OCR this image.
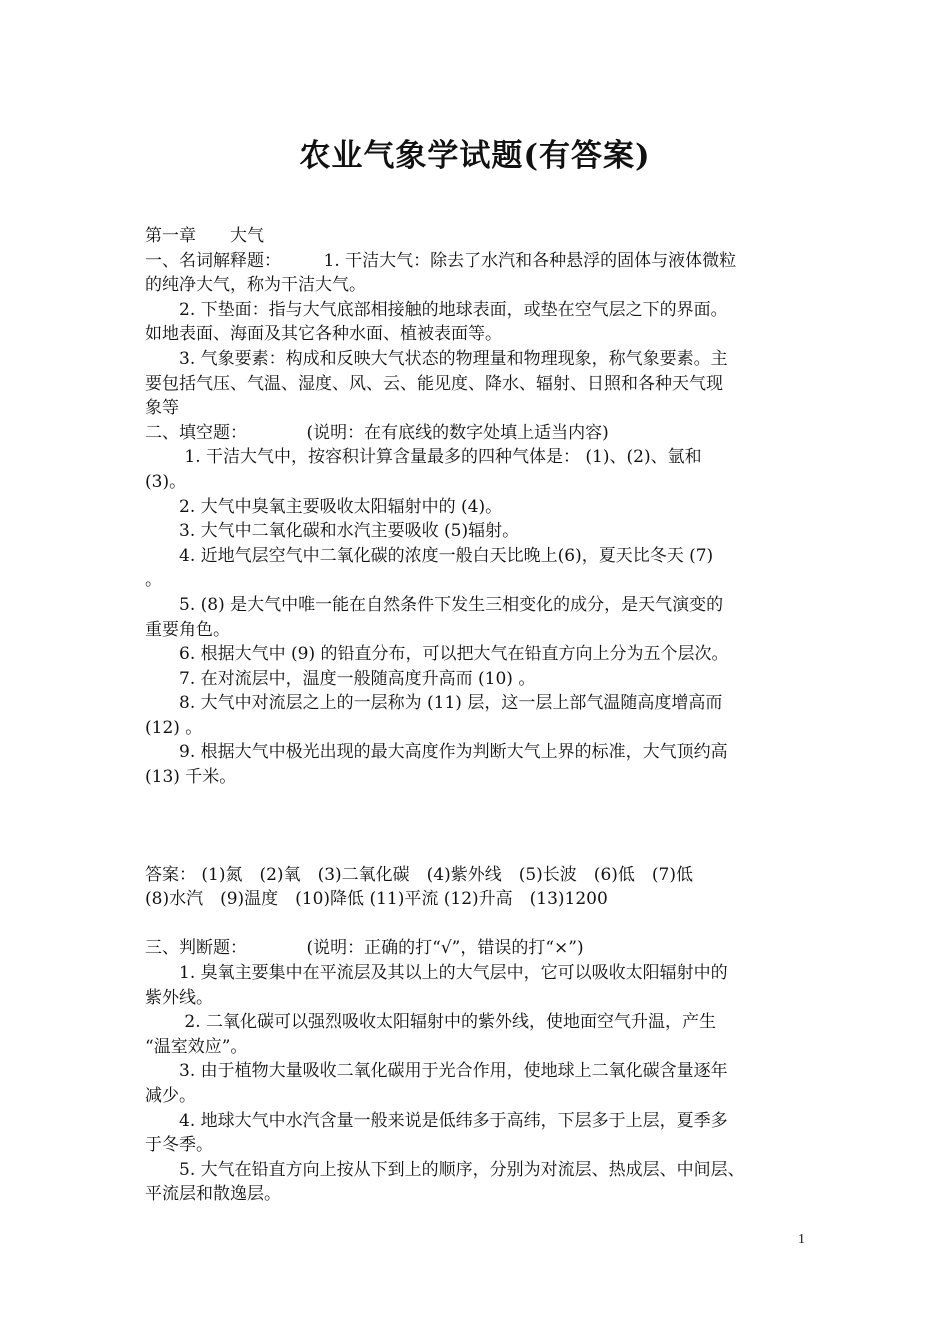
农业气象学试题(有答案)
第一章　　大气
一、名词解释题：　　　1. 干洁大气：除去了水汽和各种悬浮的固体与液体微粒
的纯净大气，称为干洁大气。
　　2. 下垫面：指与大气底部相接触的地球表面，或垫在空气层之下的界面。
如地表面、海面及其它各种水面、植被表面等。
　　3. 气象要素：构成和反映大气状态的物理量和物理现象，称气象要素。主
要包括气压、气温、湿度、风、云、能见度、降水、辐射、日照和各种天气现
象等
二、填空题：　　　　(说明：在有底线的数字处填上适当内容)
　　 1. 干洁大气中，按容积计算含量最多的四种气体是： (1)、(2)、氩和
(3)。
　　2. 大气中臭氧主要吸收太阳辐射中的 (4)。
　　3. 大气中二氧化碳和水汽主要吸收 (5)辐射。
　　4. 近地气层空气中二氧化碳的浓度一般白天比晚上(6)，夏天比冬天 (7)
。
　　5. (8) 是大气中唯一能在自然条件下发生三相变化的成分，是天气演变的
重要角色。
　　6. 根据大气中 (9) 的铅直分布，可以把大气在铅直方向上分为五个层次。
　　7. 在对流层中，温度一般随高度升高而 (10) 。
　　8. 大气中对流层之上的一层称为 (11) 层，这一层上部气温随高度增高而
(12) 。
　　9. 根据大气中极光出现的最大高度作为判断大气上界的标准，大气顶约高
(13) 千米。
答案： (1)氮　(2)氧　(3)二氧化碳　(4)紫外线　(5)长波　(6)低　(7)低
(8)水汽　(9)温度　(10)降低 (11)平流 (12)升高　(13)1200
三、判断题：　　　　(说明：正确的打“√”，错误的打“×”)
　　1. 臭氧主要集中在平流层及其以上的大气层中，它可以吸收太阳辐射中的
紫外线。
　　 2. 二氧化碳可以强烈吸收太阳辐射中的紫外线，使地面空气升温，产生
“温室效应”。
　　3. 由于植物大量吸收二氧化碳用于光合作用，使地球上二氧化碳含量逐年
减少。
　　4. 地球大气中水汽含量一般来说是低纬多于高纬，下层多于上层，夏季多
于冬季。
　　5. 大气在铅直方向上按从下到上的顺序，分别为对流层、热成层、中间层、
平流层和散逸层。
1
